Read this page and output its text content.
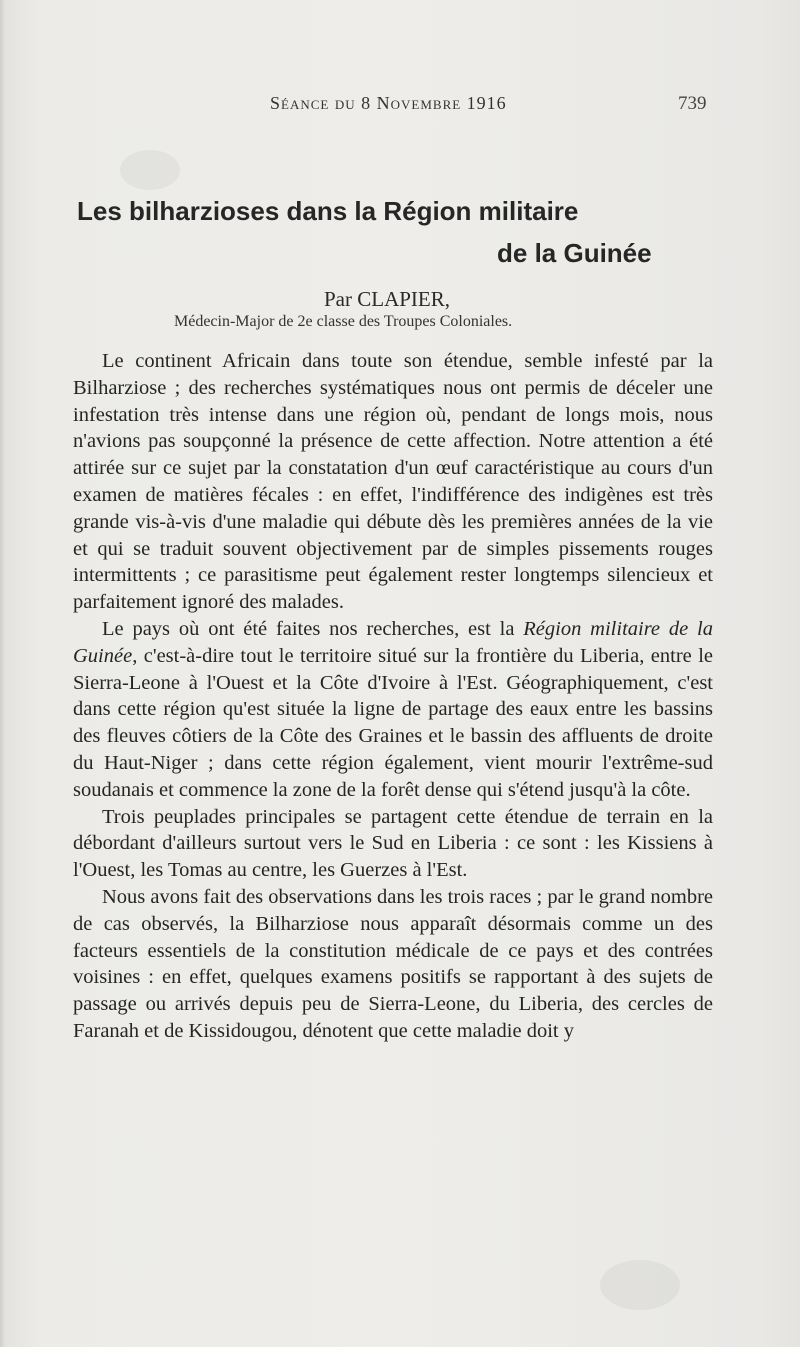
Séance du 8 Novembre 1916	739
Les bilharzioses dans la Région militaire
de la Guinée
Par CLAPIER,
Médecin-Major de 2e classe des Troupes Coloniales.

Le continent Africain dans toute son étendue, semble infesté par la Bilharziose ; des recherches systématiques nous ont permis de déceler une infestation très intense dans une région où, pendant de longs mois, nous n'avions pas soupçonné la présence de cette affection. Notre attention a été attirée sur ce sujet par la constatation d'un œuf caractéristique au cours d'un examen de matières fécales : en effet, l'indifférence des indigènes est très grande vis-à-vis d'une maladie qui débute dès les premières années de la vie et qui se traduit souvent objectivement par de simples pissements rouges intermittents ; ce parasitisme peut également rester longtemps silencieux et parfaitement ignoré des malades.

Le pays où ont été faites nos recherches, est la Région militaire de la Guinée, c'est-à-dire tout le territoire situé sur la frontière du Liberia, entre le Sierra-Leone à l'Ouest et la Côte d'Ivoire à l'Est. Géographiquement, c'est dans cette région qu'est située la ligne de partage des eaux entre les bassins des fleuves côtiers de la Côte des Graines et le bassin des affluents de droite du Haut-Niger ; dans cette région également, vient mourir l'extrême-sud soudanais et commence la zone de la forêt dense qui s'étend jusqu'à la côte.

Trois peuplades principales se partagent cette étendue de terrain en la débordant d'ailleurs surtout vers le Sud en Liberia : ce sont : les Kissiens à l'Ouest, les Tomas au centre, les Guerzes à l'Est.

Nous avons fait des observations dans les trois races ; par le grand nombre de cas observés, la Bilharziose nous apparaît désormais comme un des facteurs essentiels de la constitution médicale de ce pays et des contrées voisines : en effet, quelques examens positifs se rapportant à des sujets de passage ou arrivés depuis peu de Sierra-Leone, du Liberia, des cercles de Faranah et de Kissidougou, dénotent que cette maladie doit y
